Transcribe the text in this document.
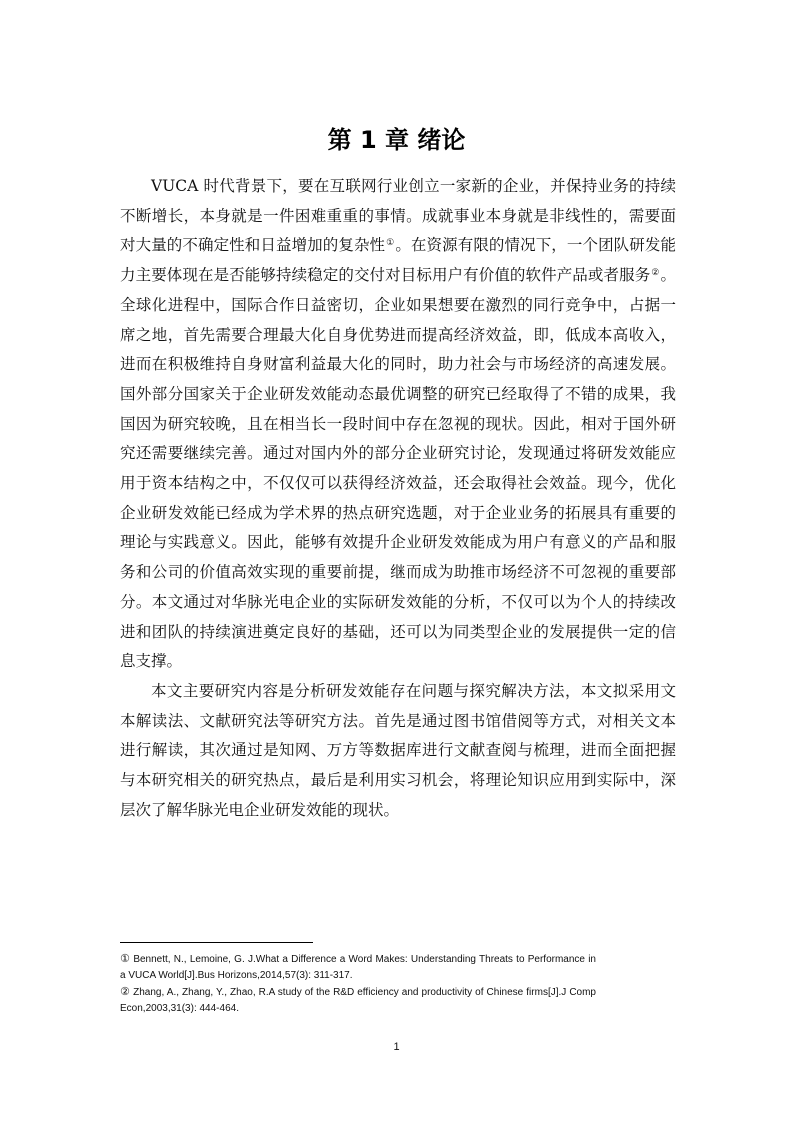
第 1 章 绪论

VUCA 时代背景下，要在互联网行业创立一家新的企业，并保持业务的持续不断增长，本身就是一件困难重重的事情。成就事业本身就是非线性的，需要面对大量的不确定性和日益增加的复杂性①。在资源有限的情况下，一个团队研发能力主要体现在是否能够持续稳定的交付对目标用户有价值的软件产品或者服务②。全球化进程中，国际合作日益密切，企业如果想要在激烈的同行竞争中，占据一席之地，首先需要合理最大化自身优势进而提高经济效益，即，低成本高收入，进而在积极维持自身财富利益最大化的同时，助力社会与市场经济的高速发展。国外部分国家关于企业研发效能动态最优调整的研究已经取得了不错的成果，我国因为研究较晚，且在相当长一段时间中存在忽视的现状。因此，相对于国外研究还需要继续完善。通过对国内外的部分企业研究讨论，发现通过将研发效能应用于资本结构之中，不仅仅可以获得经济效益，还会取得社会效益。现今，优化企业研发效能已经成为学术界的热点研究选题，对于企业业务的拓展具有重要的理论与实践意义。因此，能够有效提升企业研发效能成为用户有意义的产品和服务和公司的价值高效实现的重要前提，继而成为助推市场经济不可忽视的重要部分。本文通过对华脉光电企业的实际研发效能的分析，不仅可以为个人的持续改进和团队的持续演进奠定良好的基础，还可以为同类型企业的发展提供一定的信息支撑。

本文主要研究内容是分析研发效能存在问题与探究解决方法，本文拟采用文本解读法、文献研究法等研究方法。首先是通过图书馆借阅等方式，对相关文本进行解读，其次通过是知网、万方等数据库进行文献查阅与梳理，进而全面把握与本研究相关的研究热点，最后是利用实习机会，将理论知识应用到实际中，深层次了解华脉光电企业研发效能的现状。

① Bennett, N., Lemoine, G. J.What a Difference a Word Makes: Understanding Threats to Performance in a VUCA World[J].Bus Horizons,2014,57(3): 311-317.

② Zhang, A., Zhang, Y., Zhao, R.A study of the R&D efficiency and productivity of Chinese firms[J].J Comp Econ,2003,31(3): 444-464.

1
